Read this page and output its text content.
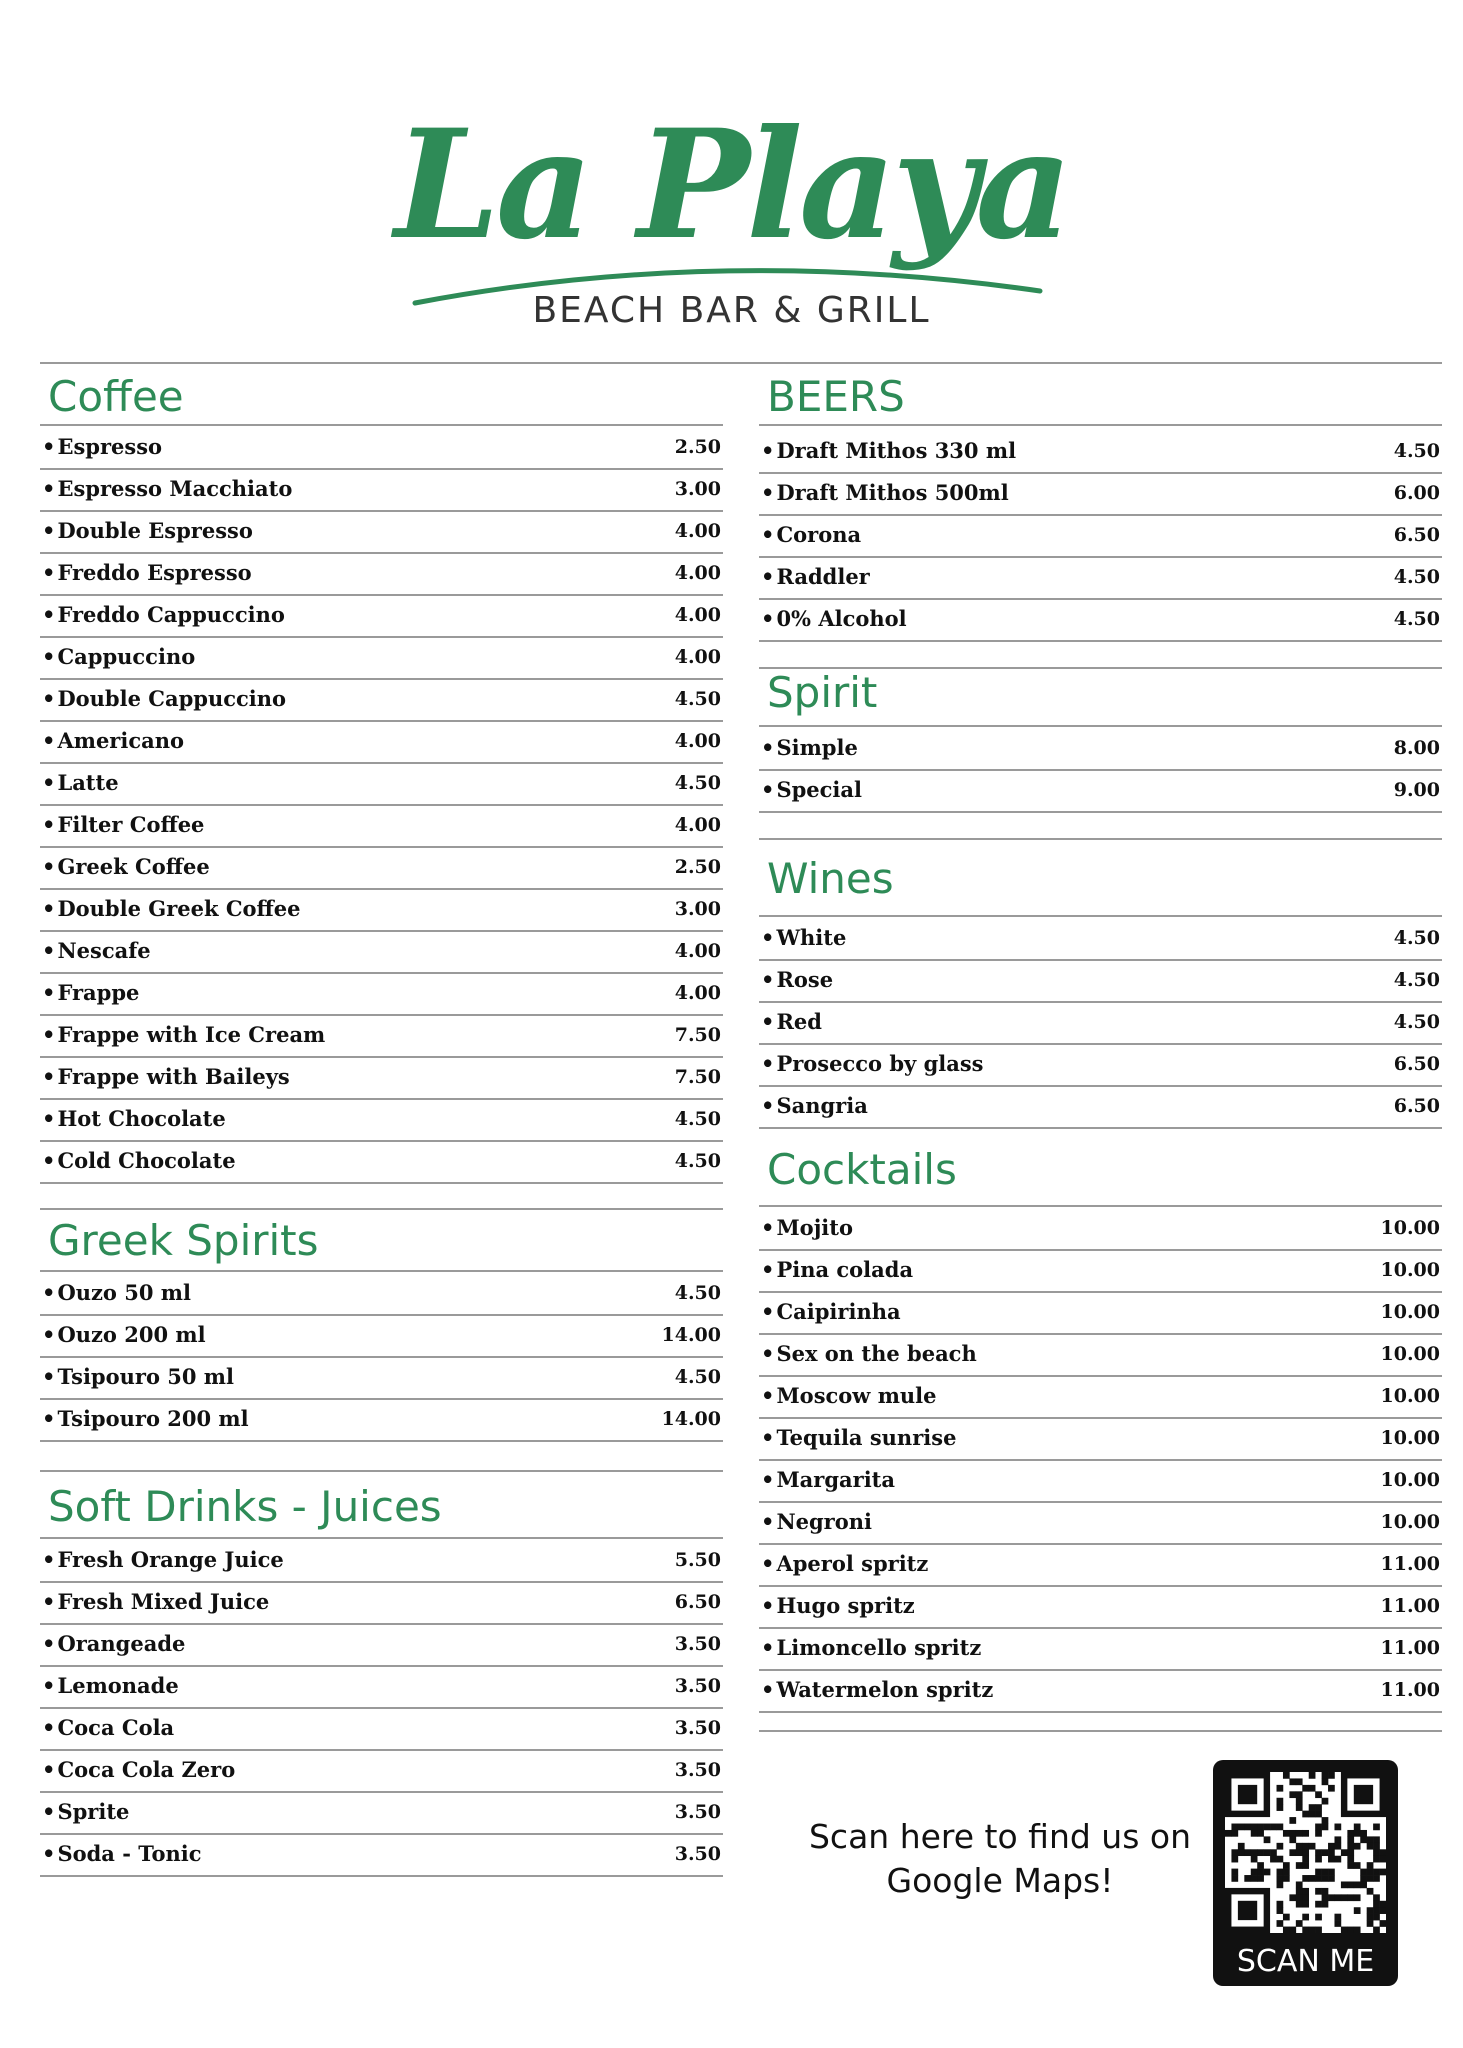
La Playa
BEACH BAR & GRILL
Coffee
• Espresso	2.50
• Espresso Macchiato	3.00
• Double Espresso	4.00
• Freddo Espresso	4.00
• Freddo Cappuccino	4.00
• Cappuccino	4.00
• Double Cappuccino	4.50
• Americano	4.00
• Latte	4.50
• Filter Coffee	4.00
• Greek Coffee	2.50
• Double Greek Coffee	3.00
• Nescafe	4.00
• Frappe	4.00
• Frappe with Ice Cream	7.50
• Frappe with Baileys	7.50
• Hot Chocolate	4.50
• Cold Chocolate	4.50
Greek Spirits
• Ouzo 50 ml	4.50
• Ouzo 200 ml	14.00
• Tsipouro 50 ml	4.50
• Tsipouro 200 ml	14.00
Soft Drinks - Juices
• Fresh Orange Juice	5.50
• Fresh Mixed Juice	6.50
• Orangeade	3.50
• Lemonade	3.50
• Coca Cola	3.50
• Coca Cola Zero	3.50
• Sprite	3.50
• Soda - Tonic	3.50
BEERS
• Draft Mithos 330 ml	4.50
• Draft Mithos 500ml	6.00
• Corona	6.50
• Raddler	4.50
• 0% Alcohol	4.50
Spirit
• Simple	8.00
• Special	9.00
Wines
• White	4.50
• Rose	4.50
• Red	4.50
• Prosecco by glass	6.50
• Sangria	6.50
Cocktails
• Mojito	10.00
• Pina colada	10.00
• Caipirinha	10.00
• Sex on the beach	10.00
• Moscow mule	10.00
• Tequila sunrise	10.00
• Margarita	10.00
• Negroni	10.00
• Aperol spritz	11.00
• Hugo spritz	11.00
• Limoncello spritz	11.00
• Watermelon spritz	11.00
Scan here to find us on Google Maps!
SCAN ME
